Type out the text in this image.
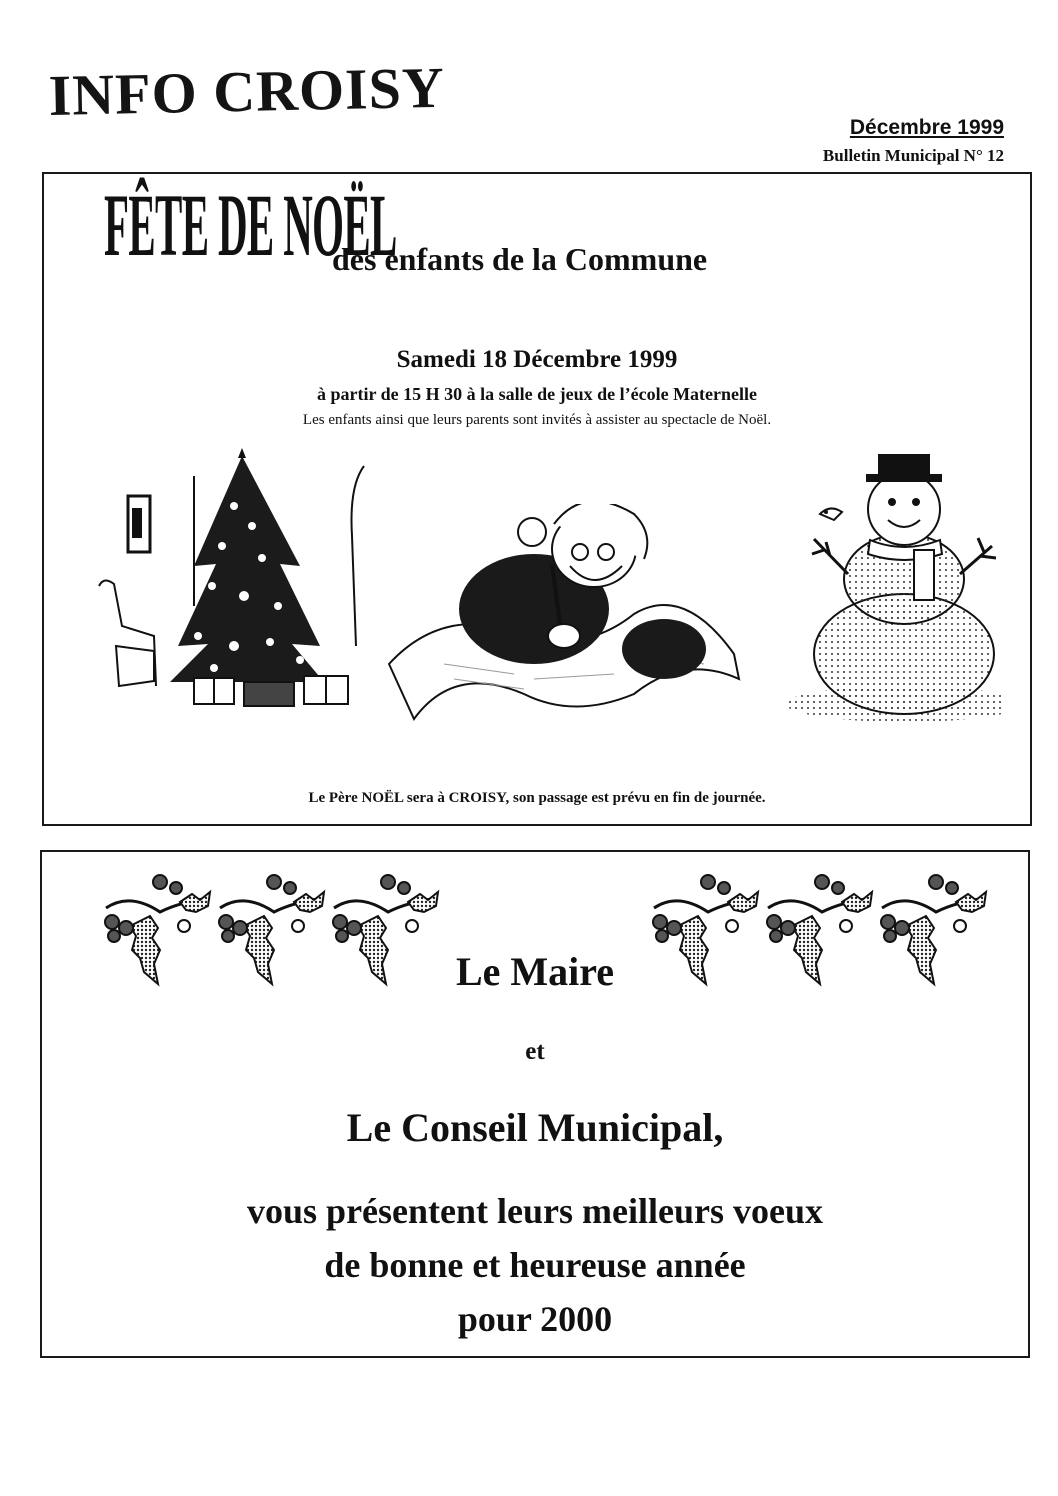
INFO CROISY	Décembre 1999
Bulletin Municipal N° 12
FÊTE DE NOËLdes enfants de la Commune
Samedi 18 Décembre 1999
à partir de 15 H 30 à la salle de jeux de l’école Maternelle
Les enfants ainsi que leurs parents sont invités à assister au spectacle de Noël.
Le Père NOËL sera à CROISY, son passage est prévu en fin de journée.
Le Maire
et
Le Conseil Municipal,
vous présentent leurs meilleurs voeux
de bonne et heureuse année
pour 2000
